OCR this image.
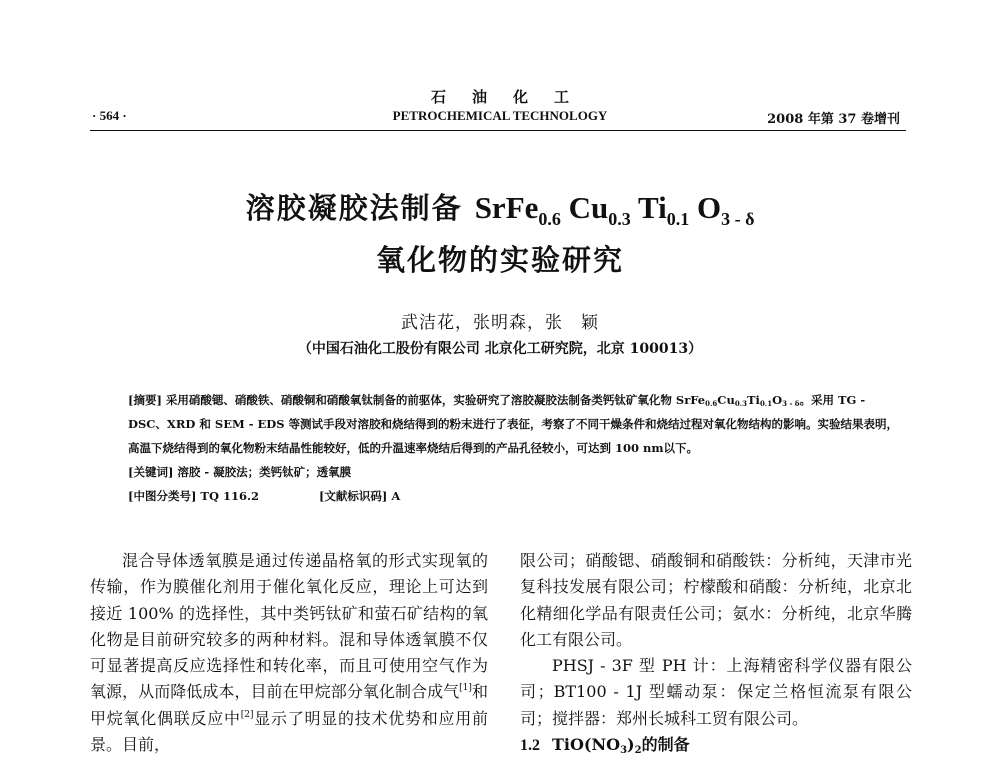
石油化工
· 564 ·	PETROCHEMICAL TECHNOLOGY	2008 年第 37 卷增刊
溶胶凝胶法制备 SrFe$_{0.6}$ $Cu_{0.3}$ $Ti_{0.1}$ $O_{3 - \delta}$
氧化物的实验研究
武洁花，张明森，张　颖
（中国石油化工股份有限公司 北京化工研究院，北京 100013）

[摘要] 采用硝酸锶、硝酸铁、硝酸铜和硝酸氧钛制备的前驱体，实验研究了溶胶凝胶法制备类钙钛矿氧化物 $SrFe_{0.6}Cu_{0.3}Ti_{0.1}O_{3 - \delta}$。采用 TG - DSC、XRD 和 SEM - EDS 等测试手段对溶胶和烧结得到的粉末进行了表征，考察了不同干燥条件和烧结过程对氧化物结构的影响。实验结果表明，高温下烧结得到的氧化物粉末结晶性能较好，低的升温速率烧结后得到的产品孔径较小，可达到 100 nm以下。

[关键词] 溶胶 - 凝胶法；类钙钛矿；透氧膜

[中图分类号] TQ 116.2	[文献标识码] A

混合导体透氧膜是通过传递晶格氧的形式实现氧的传输，作为膜催化剂用于催化氧化反应，理论上可达到接近 100% 的选择性，其中类钙钛矿和萤石矿结构的氧化物是目前研究较多的两种材料。混和导体透氧膜不仅可显著提高反应选择性和转化率，而且可使用空气作为氧源，从而降低成本，目前在甲烷部分氧化制合成气[1]和甲烷氧化偶联反应中[2]显示了明显的技术优势和应用前景。目前，

限公司；硝酸锶、硝酸铜和硝酸铁：分析纯，天津市光复科技发展有限公司；柠檬酸和硝酸：分析纯，北京北化精细化学品有限责任公司；氨水：分析纯，北京华腾化工有限公司。

PHSJ - 3F 型 PH 计：上海精密科学仪器有限公司；BT100 - 1J 型蠕动泵：保定兰格恒流泵有限公司；搅拌器：郑州长城科工贸有限公司。

1.2 $TiO(NO_3)_2$的制备
